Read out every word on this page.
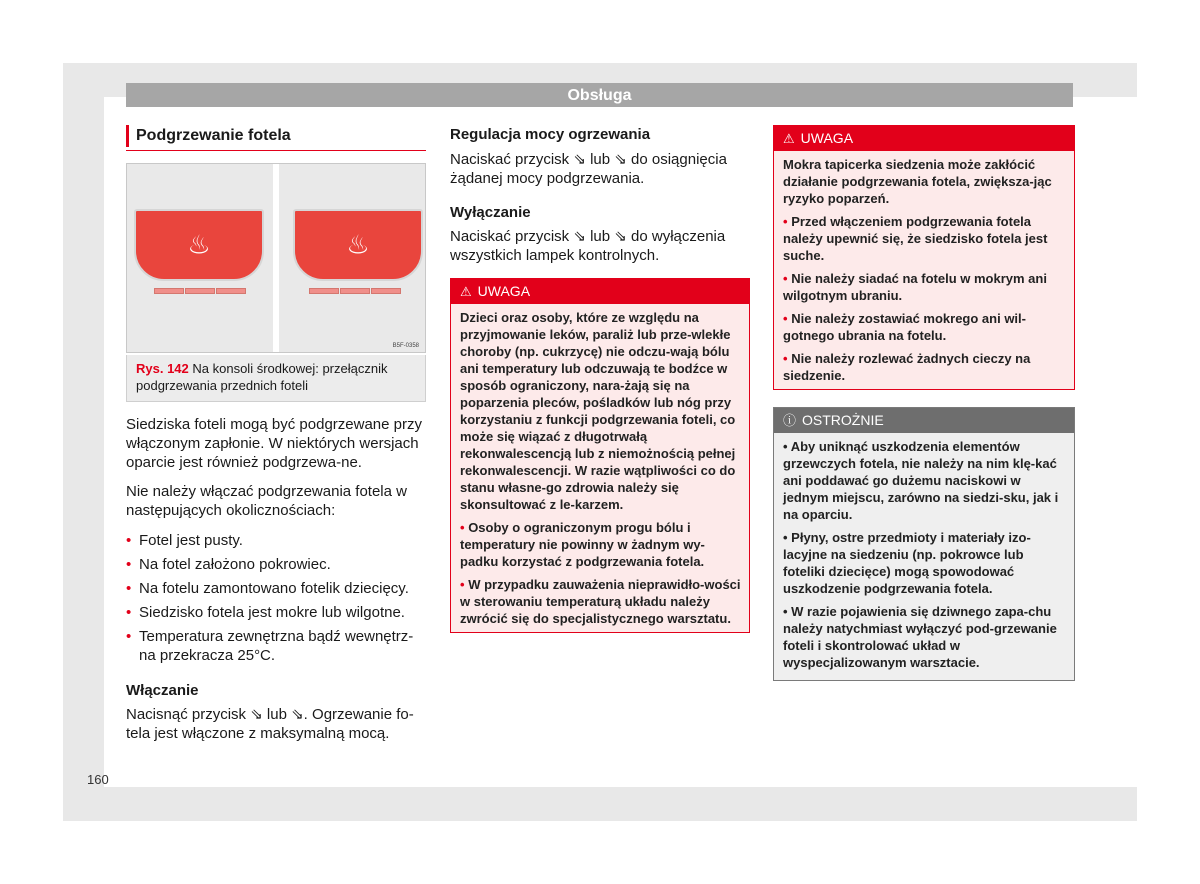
Obsługa
Podgrzewanie fotela
♨	♨
B5F-0358
Rys. 142 Na konsoli środkowej: przełącznik podgrzewania przednich foteli

Siedziska foteli mogą być podgrzewane przy włączonym zapłonie. W niektórych wersjach oparcie jest również podgrzewa-ne.

Nie należy włączać podgrzewania fotela w następujących okolicznościach:

• Fotel jest pusty.
• Na fotel założono pokrowiec.
• Na fotelu zamontowano fotelik dziecięcy.
• Siedzisko fotela jest mokre lub wilgotne.
• Temperatura zewnętrzna bądź wewnętrz-na przekracza 25°C.

Włączanie

Nacisnąć przycisk ⇘ lub ⇘. Ogrzewanie fo-tela jest włączone z maksymalną mocą.

Regulacja mocy ogrzewania

Naciskać przycisk ⇘ lub ⇘ do osiągnięcia żądanej mocy podgrzewania.

Wyłączanie

Naciskać przycisk ⇘ lub ⇘ do wyłączenia wszystkich lampek kontrolnych.

⚠ UWAGA

Dzieci oraz osoby, które ze względu na przyjmowanie leków, paraliż lub prze-wlekłe choroby (np. cukrzycę) nie odczu-wają bólu ani temperatury lub odczuwają te bodźce w sposób ograniczony, nara-żają się na poparzenia pleców, pośladków lub nóg przy korzystaniu z funkcji podgrzewania foteli, co może się wiązać z długotrwałą rekonwalescencją lub z niemożnością pełnej rekonwalescencji. W razie wątpliwości co do stanu własne-go zdrowia należy się skonsultować z le-karzem.

• Osoby o ograniczonym progu bólu i temperatury nie powinny w żadnym wy-padku korzystać z podgrzewania fotela.

• W przypadku zauważenia nieprawidło-wości w sterowaniu temperaturą układu należy zwrócić się do specjalistycznego warsztatu.

⚠ UWAGA

Mokra tapicerka siedzenia może zakłócić działanie podgrzewania fotela, zwiększa-jąc ryzyko poparzeń.

• Przed włączeniem podgrzewania fotela należy upewnić się, że siedzisko fotela jest suche.

• Nie należy siadać na fotelu w mokrym ani wilgotnym ubraniu.

• Nie należy zostawiać mokrego ani wil-gotnego ubrania na fotelu.

• Nie należy rozlewać żadnych cieczy na siedzenie.

ⓘ OSTROŻNIE

• Aby uniknąć uszkodzenia elementów grzewczych fotela, nie należy na nim klę-kać ani poddawać go dużemu naciskowi w jednym miejscu, zarówno na siedzi-sku, jak i na oparciu.

• Płyny, ostre przedmioty i materiały izo-lacyjne na siedzeniu (np. pokrowce lub foteliki dziecięce) mogą spowodować uszkodzenie podgrzewania fotela.

• W razie pojawienia się dziwnego zapa-chu należy natychmiast wyłączyć pod-grzewanie foteli i skontrolować układ w wyspecjalizowanym warsztacie.

160
